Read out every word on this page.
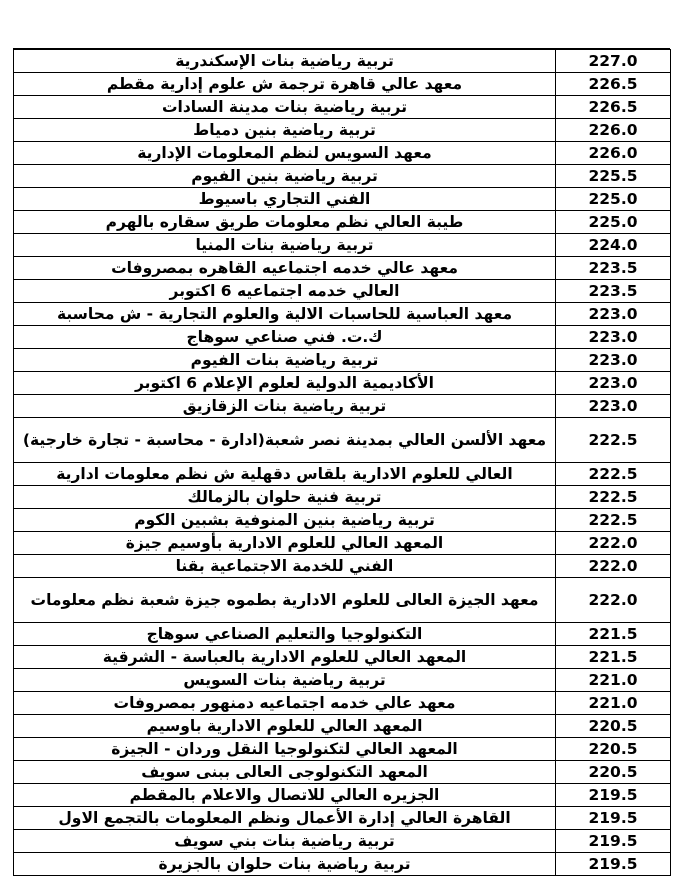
تربية رياضية بنات الإسكندرية	227.0
معهد عالي قاهرة ترجمة ش علوم إدارية مقطم	226.5
تربية رياضية بنات مدينة السادات	226.5
تربية رياضية بنين دمياط	226.0
معهد السويس لنظم المعلومات الإدارية	226.0
تربية رياضية بنين الفيوم	225.5
الفني التجاري باسيوط	225.0
طيبة العالي نظم معلومات طريق سقاره بالهرم	225.0
تربية رياضية بنات المنيا	224.0
معهد عالي خدمه اجتماعيه القاهره بمصروفات	223.5
العالي خدمه اجتماعيه 6 اكتوبر	223.5
معهد العباسية للحاسبات الالية والعلوم التجارية - ش محاسبة	223.0
ك.ت. فني صناعي سوهاج	223.0
تربية رياضية بنات الفيوم	223.0
الأكاديمية الدولية لعلوم الإعلام 6 اكتوبر	223.0
تربية رياضية بنات الزقازيق	223.0
معهد الألسن العالي بمدينة نصر شعبة(ادارة - محاسبة - تجارة خارجية)	222.5
العالي للعلوم الادارية بلقاس دقهلية ش نظم معلومات ادارية	222.5
تربية فنية حلوان بالزمالك	222.5
تربية رياضية بنين المنوفية بشبين الكوم	222.5
المعهد العالي للعلوم الادارية بأوسيم جيزة	222.0
الفني للخدمة الاجتماعية بقنا	222.0
معهد الجيزة العالى للعلوم الادارية بطموه جيزة شعبة نظم معلومات	222.0
التكنولوجيا والتعليم الصناعي سوهاج	221.5
المعهد العالي للعلوم الادارية بالعباسة - الشرقية	221.5
تربية رياضية بنات السويس	221.0
معهد عالي خدمه اجتماعيه دمنهور بمصروفات	221.0
المعهد العالي للعلوم الادارية باوسيم	220.5
المعهد العالي لتكنولوجيا النقل وردان - الجيزة	220.5
المعهد التكنولوجى العالى ببنى سويف	220.5
الجزيره العالي للاتصال والاعلام بالمقطم	219.5
القاهرة العالي إدارة الأعمال ونظم المعلومات بالتجمع الاول	219.5
تربية رياضية بنات بني سويف	219.5
تربية رياضية بنات حلوان بالجزيرة	219.5
